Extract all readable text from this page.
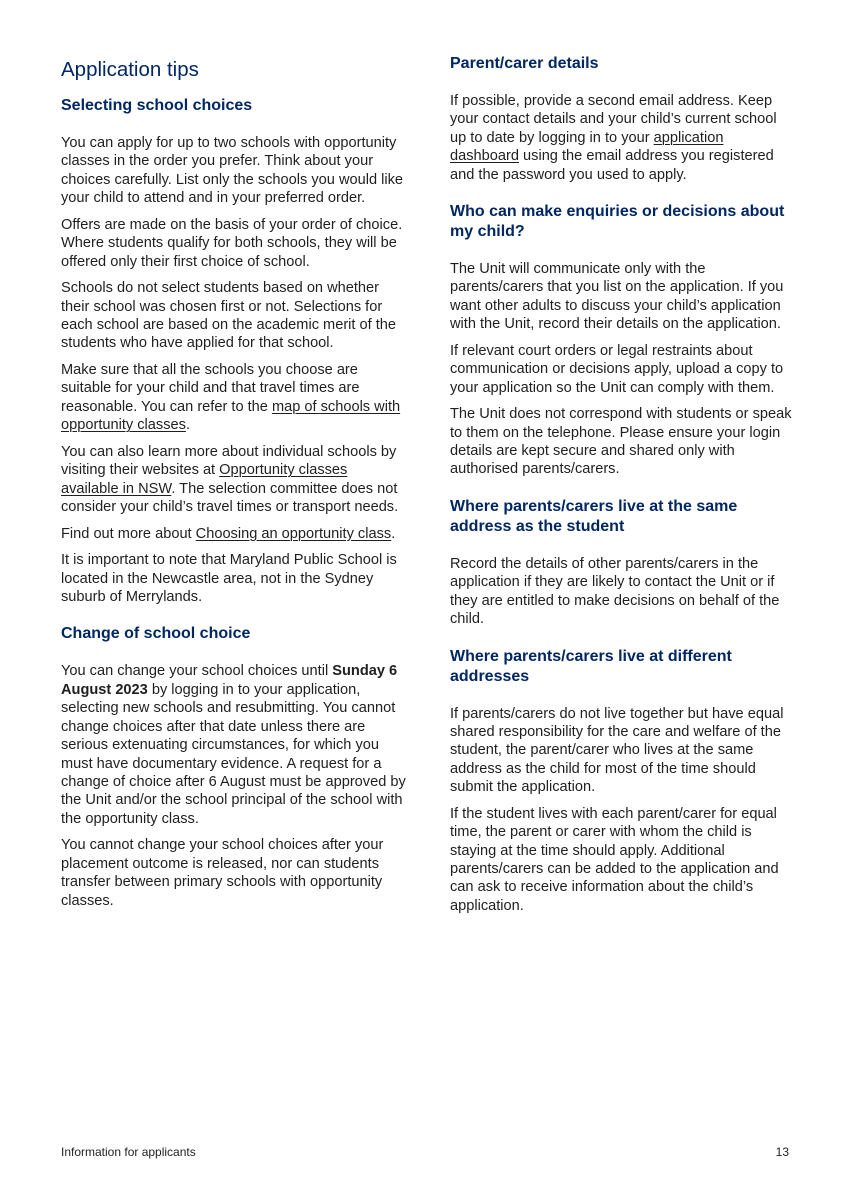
Application tips
Selecting school choices

You can apply for up to two schools with opportunity classes in the order you prefer. Think about your choices carefully. List only the schools you would like your child to attend and in your preferred order.

Offers are made on the basis of your order of choice. Where students qualify for both schools, they will be offered only their first choice of school.

Schools do not select students based on whether their school was chosen first or not. Selections for each school are based on the academic merit of the students who have applied for that school.

Make sure that all the schools you choose are suitable for your child and that travel times are reasonable. You can refer to the map of schools with opportunity classes.

You can also learn more about individual schools by visiting their websites at Opportunity classes available in NSW. The selection committee does not consider your child’s travel times or transport needs.

Find out more about Choosing an opportunity class.

It is important to note that Maryland Public School is located in the Newcastle area, not in the Sydney suburb of Merrylands.

Change of school choice

You can change your school choices until Sunday 6 August 2023 by logging in to your application, selecting new schools and resubmitting. You cannot change choices after that date unless there are serious extenuating circumstances, for which you must have documentary evidence. A request for a change of choice after 6 August must be approved by the Unit and/or the school principal of the school with the opportunity class.

You cannot change your school choices after your placement outcome is released, nor can students transfer between primary schools with opportunity classes.

Parent/carer details

If possible, provide a second email address. Keep your contact details and your child’s current school up to date by logging in to your application dashboard using the email address you registered and the password you used to apply.

Who can make enquiries or decisions about my child?

The Unit will communicate only with the parents/carers that you list on the application. If you want other adults to discuss your child’s application with the Unit, record their details on the application.

If relevant court orders or legal restraints about communication or decisions apply, upload a copy to your application so the Unit can comply with them.

The Unit does not correspond with students or speak to them on the telephone. Please ensure your login details are kept secure and shared only with authorised parents/carers.

Where parents/carers live at the same address as the student

Record the details of other parents/carers in the application if they are likely to contact the Unit or if they are entitled to make decisions on behalf of the child.

Where parents/carers live at different addresses

If parents/carers do not live together but have equal shared responsibility for the care and welfare of the student, the parent/carer who lives at the same address as the child for most of the time should submit the application.

If the student lives with each parent/carer for equal time, the parent or carer with whom the child is staying at the time should apply. Additional parents/carers can be added to the application and can ask to receive information about the child’s application.

Information for applicants	13
